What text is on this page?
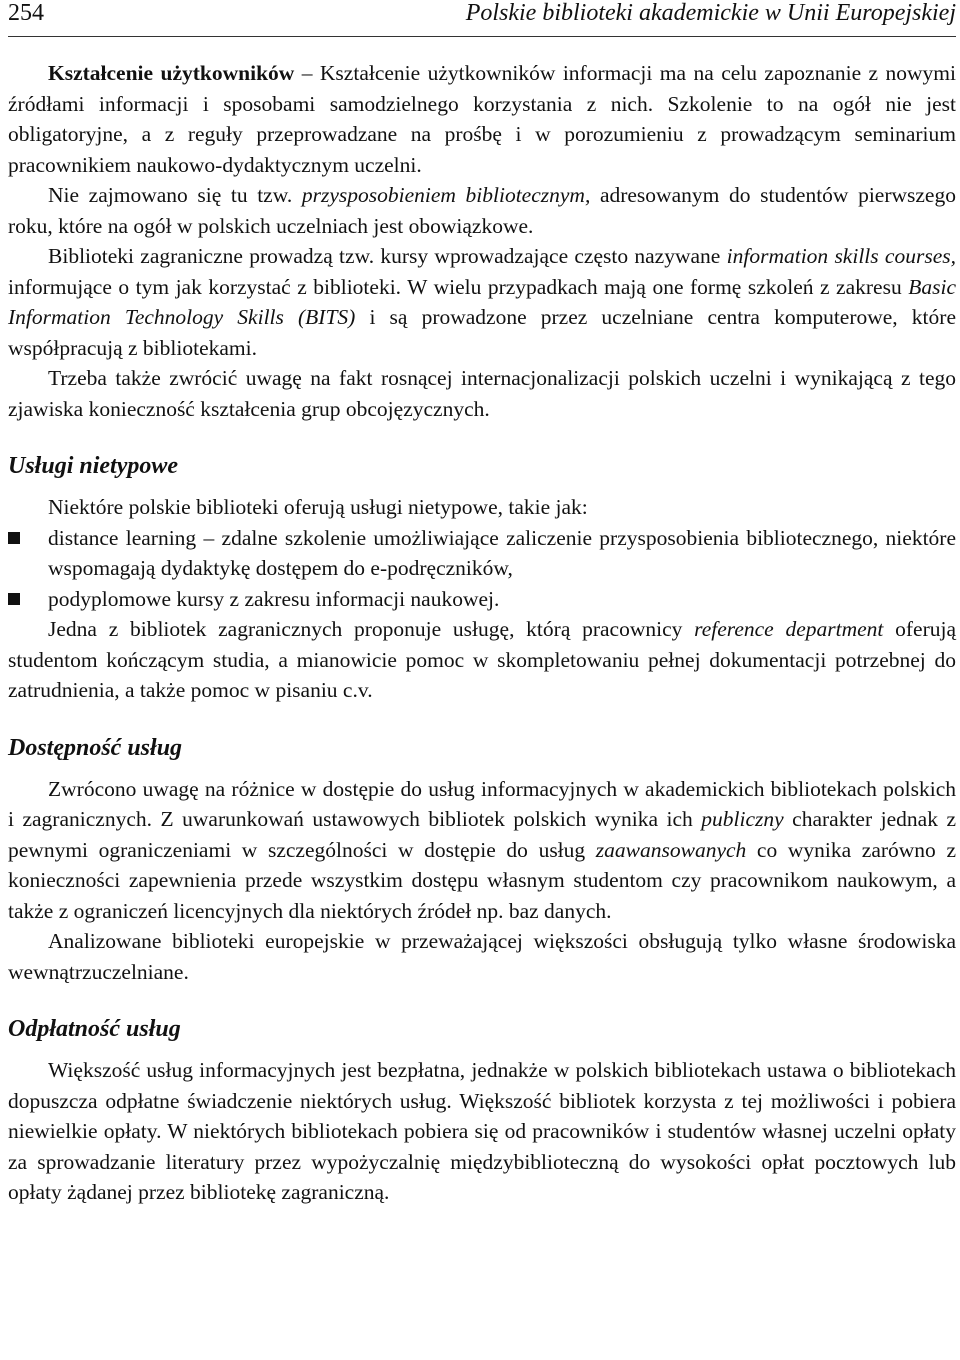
254	Polskie biblioteki akademickie w Unii Europejskiej

Kształcenie użytkowników – Kształcenie użytkowników informacji ma na celu zapoznanie z nowymi źródłami informacji i sposobami samodzielnego korzystania z nich. Szkolenie to na ogół nie jest obligatoryjne, a z reguły przeprowadzane na prośbę i w porozumieniu z prowadzącym seminarium pracownikiem naukowo-dydaktycznym uczelni.

Nie zajmowano się tu tzw. przysposobieniem bibliotecznym, adresowanym do studentów pierwszego roku, które na ogół w polskich uczelniach jest obowiązkowe.

Biblioteki zagraniczne prowadzą tzw. kursy wprowadzające często nazywane information skills courses, informujące o tym jak korzystać z biblioteki. W wielu przypadkach mają one formę szkoleń z zakresu Basic Information Technology Skills (BITS) i są prowadzone przez uczelniane centra komputerowe, które współpracują z bibliotekami.

Trzeba także zwrócić uwagę na fakt rosnącej internacjonalizacji polskich uczelni i wynikającą z tego zjawiska konieczność kształcenia grup obcojęzycznych.

Usługi nietypowe

Niektóre polskie biblioteki oferują usługi nietypowe, takie jak:

distance learning – zdalne szkolenie umożliwiające zaliczenie przysposobienia bibliotecznego, niektóre wspomagają dydaktykę dostępem do e-podręczników,
podyplomowe kursy z zakresu informacji naukowej.

Jedna z bibliotek zagranicznych proponuje usługę, którą pracownicy reference department oferują studentom kończącym studia, a mianowicie pomoc w skompletowaniu pełnej dokumentacji potrzebnej do zatrudnienia, a także pomoc w pisaniu c.v.

Dostępność usług

Zwrócono uwagę na różnice w dostępie do usług informacyjnych w akademickich bibliotekach polskich i zagranicznych. Z uwarunkowań ustawowych bibliotek polskich wynika ich publiczny charakter jednak z pewnymi ograniczeniami w szczególności w dostępie do usług zaawansowanych co wynika zarówno z konieczności zapewnienia przede wszystkim dostępu własnym studentom czy pracownikom naukowym, a także z ograniczeń licencyjnych dla niektórych źródeł np. baz danych.

Analizowane biblioteki europejskie w przeważającej większości obsługują tylko własne środowiska wewnątrzuczelniane.

Odpłatność usług

Większość usług informacyjnych jest bezpłatna, jednakże w polskich bibliotekach ustawa o bibliotekach dopuszcza odpłatne świadczenie niektórych usług. Większość bibliotek korzysta z tej możliwości i pobiera niewielkie opłaty. W niektórych bibliotekach pobiera się od pracowników i studentów własnej uczelni opłaty za sprowadzanie literatury przez wypożyczalnię międzybiblioteczną do wysokości opłat pocztowych lub opłaty żądanej przez bibliotekę zagraniczną.
